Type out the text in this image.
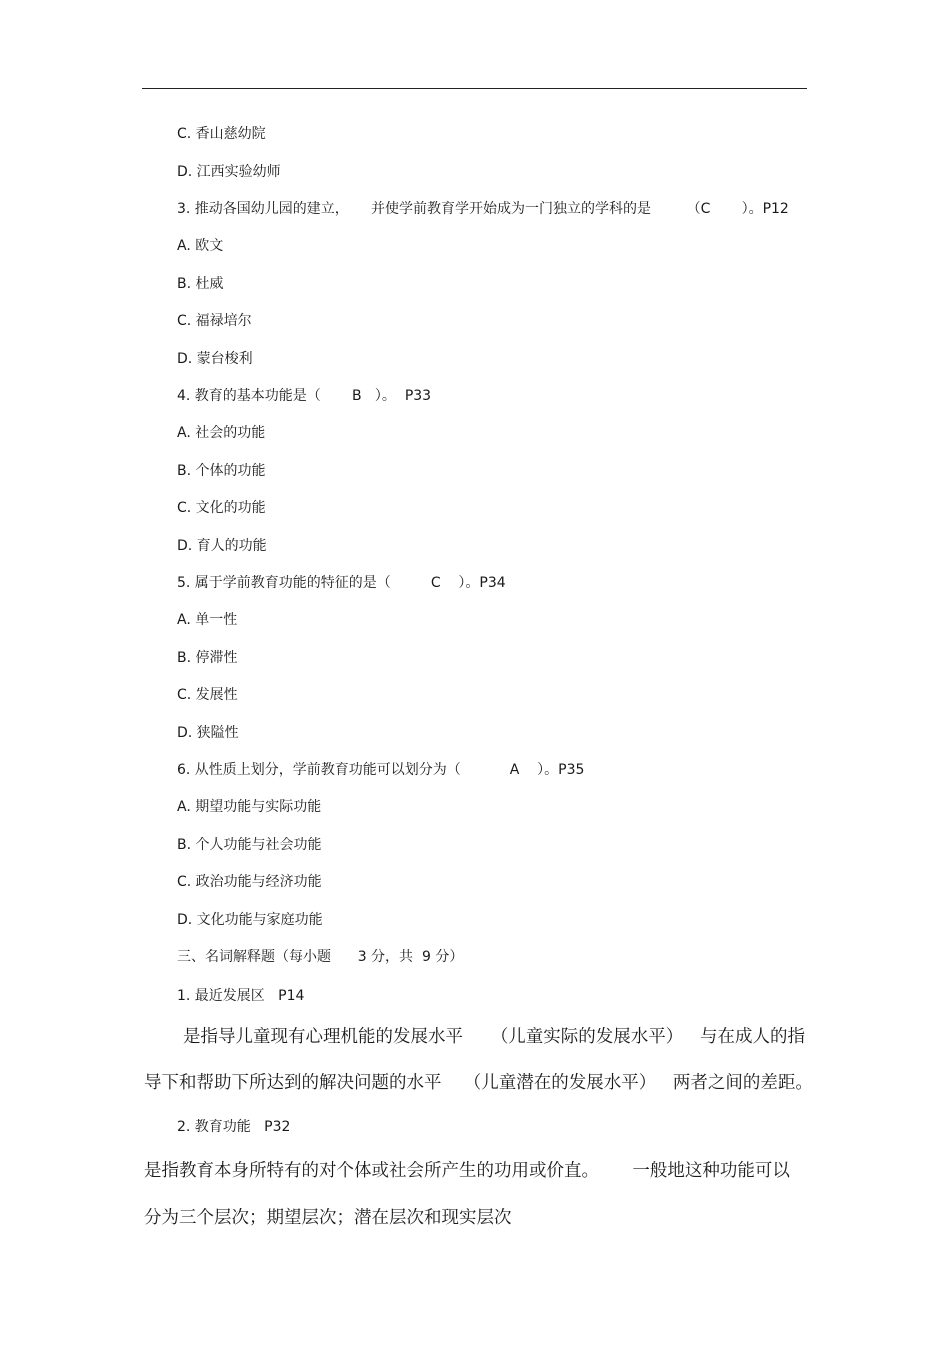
C. 香山慈幼院
D. 江西实验幼师
3. 推动各国幼儿园的建立，     并使学前教育学开始成为一门独立的学科的是        （C       ）。P12
A. 欧文
B. 杜威
C. 福禄培尔
D. 蒙台梭利
4. 教育的基本功能是（       B   ）。  P33
A. 社会的功能
B. 个体的功能
C. 文化的功能
D. 育人的功能
5. 属于学前教育功能的特征的是（         C    ）。P34
A. 单一性
B. 停滞性
C. 发展性
D. 狭隘性
6. 从性质上划分，学前教育功能可以划分为（           A    ）。P35
A. 期望功能与实际功能
B. 个人功能与社会功能
C. 政治功能与经济功能
D. 文化功能与家庭功能
三、名词解释题（每小题      3 分，共  9 分）
1. 最近发展区   P14
是指导儿童现有心理机能的发展水平     （儿童实际的发展水平）   与在成人的指
导下和帮助下所达到的解决问题的水平    （儿童潜在的发展水平）   两者之间的差距。
2. 教育功能   P32
是指教育本身所特有的对个体或社会所产生的功用或价直。      一般地这种功能可以
分为三个层次；期望层次；潜在层次和现实层次
